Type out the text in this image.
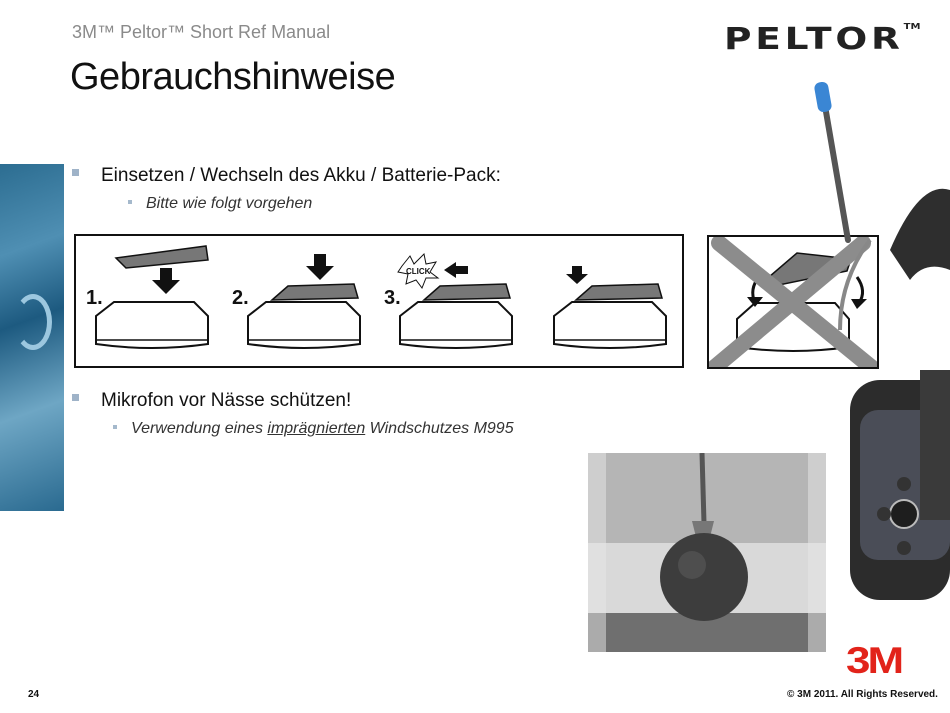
3M™ Peltor™ Short Ref Manual
Gebrauchshinweise
PELTOR™
Einsetzen / Wechseln des Akku / Batterie-Pack:
Bitte wie folgt vorgehen
1.	2.	3.
CLICK
Mikrofon vor Nässe schützen!
Verwendung eines imprägnierten Windschutzes M995
24	© 3M 2011. All Rights Reserved.
3M
